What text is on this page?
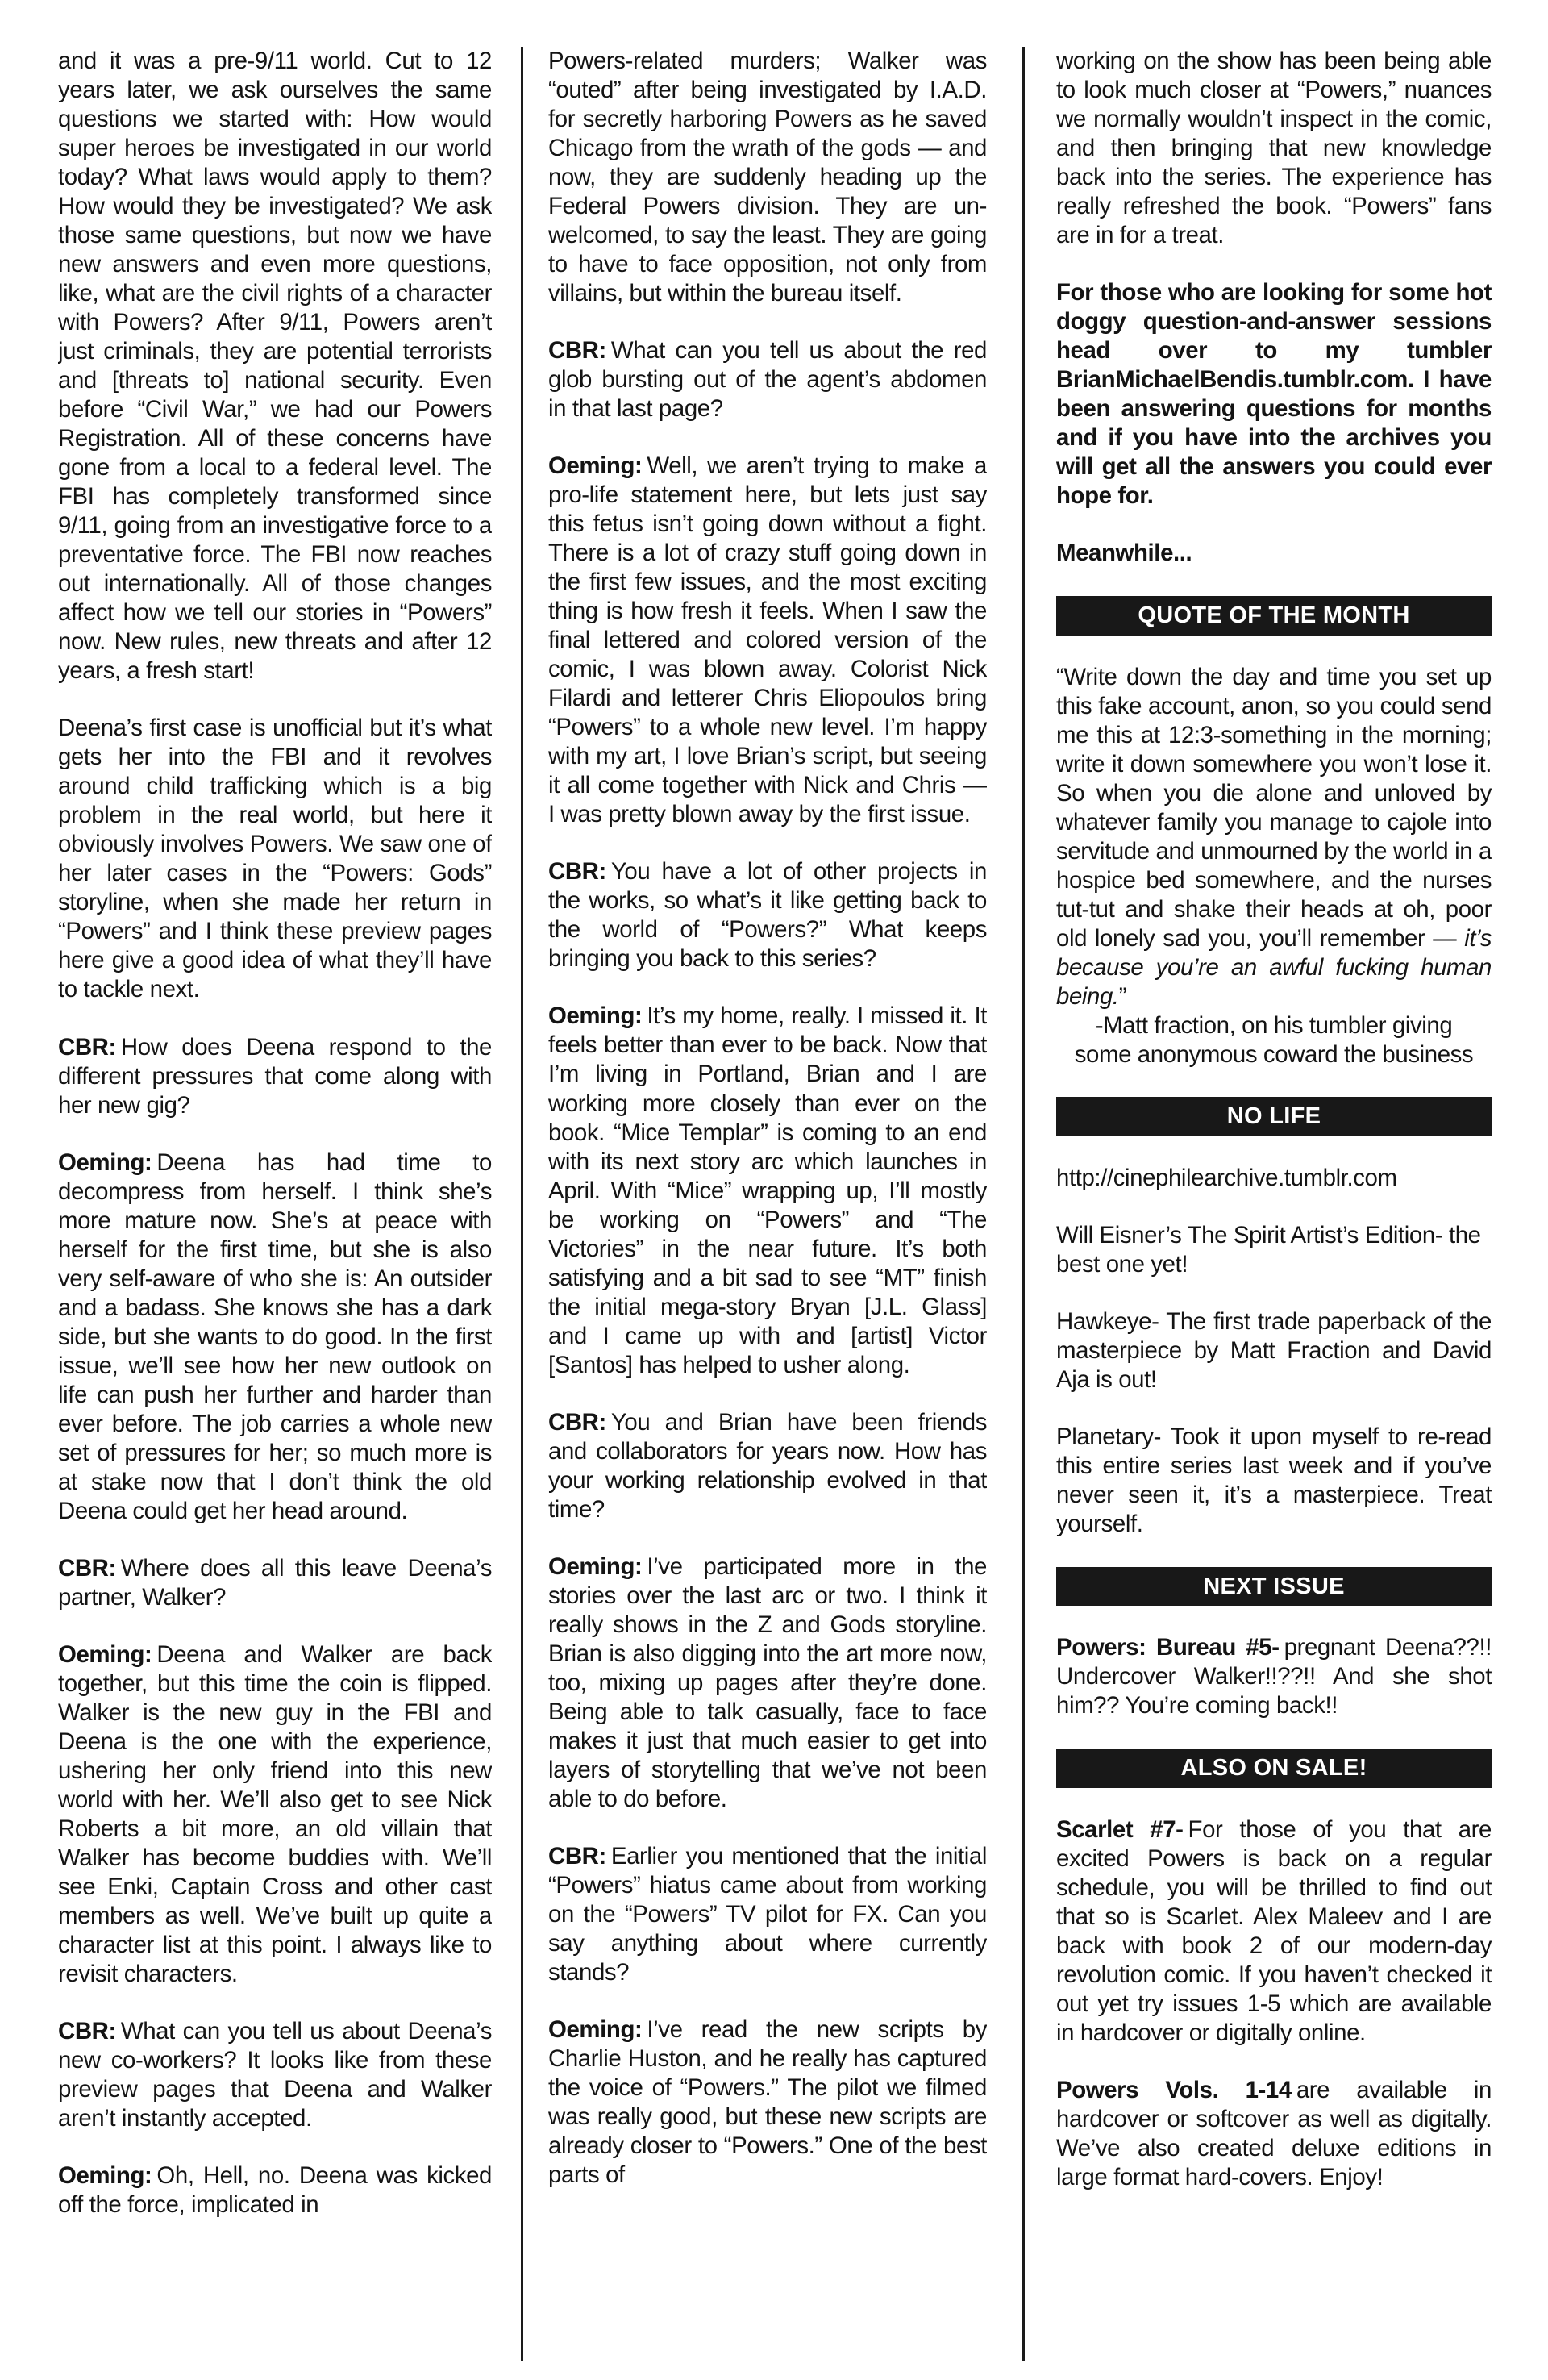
and it was a pre-9/11 world. Cut to 12 years later, we ask ourselves the same questions we started with: How would super heroes be investigated in our world today? What laws would apply to them? How would they be investigated? We ask those same questions, but now we have new answers and even more questions, like, what are the civil rights of a character with Powers? After 9/11, Powers aren’t just criminals, they are potential terrorists and [threats to] national security. Even before “Civil War,” we had our Powers Registration. All of these concerns have gone from a local to a federal level. The FBI has completely transformed since 9/11, going from an investigative force to a preventative force. The FBI now reaches out internationally. All of those changes affect how we tell our stories in “Powers” now. New rules, new threats and after 12 years, a fresh start!

Deena’s first case is unofficial but it’s what gets her into the FBI and it revolves around child trafficking which is a big problem in the real world, but here it obviously involves Powers. We saw one of her later cases in the “Powers: Gods” storyline, when she made her return in “Powers” and I think these preview pages here give a good idea of what they’ll have to tackle next.

CBR: How does Deena respond to the different pressures that come along with her new gig?

Oeming: Deena has had time to decompress from herself. I think she’s more mature now. She’s at peace with herself for the first time, but she is also very self-aware of who she is: An outsider and a badass. She knows she has a dark side, but she wants to do good. In the first issue, we’ll see how her new outlook on life can push her further and harder than ever before. The job carries a whole new set of pressures for her; so much more is at stake now that I don’t think the old Deena could get her head around.

CBR: Where does all this leave Deena’s partner, Walker?

Oeming: Deena and Walker are back together, but this time the coin is flipped. Walker is the new guy in the FBI and Deena is the one with the experience, ushering her only friend into this new world with her. We’ll also get to see Nick Roberts a bit more, an old villain that Walker has become buddies with. We’ll see Enki, Captain Cross and other cast members as well. We’ve built up quite a character list at this point. I always like to revisit characters.

CBR: What can you tell us about Deena’s new co-workers? It looks like from these preview pages that Deena and Walker aren’t instantly accepted.

Oeming: Oh, Hell, no. Deena was kicked off the force, implicated in

Powers-related murders; Walker was “outed” after being investigated by I.A.D. for secretly harboring Powers as he saved Chicago from the wrath of the gods — and now, they are suddenly heading up the Federal Powers division. They are un-welcomed, to say the least. They are going to have to face opposition, not only from villains, but within the bureau itself.

CBR: What can you tell us about the red glob bursting out of the agent’s abdomen in that last page?

Oeming: Well, we aren’t trying to make a pro-life statement here, but lets just say this fetus isn’t going down without a fight. There is a lot of crazy stuff going down in the first few issues, and the most exciting thing is how fresh it feels. When I saw the final lettered and colored version of the comic, I was blown away. Colorist Nick Filardi and letterer Chris Eliopoulos bring “Powers” to a whole new level. I’m happy with my art, I love Brian’s script, but seeing it all come together with Nick and Chris — I was pretty blown away by the first issue.

CBR: You have a lot of other projects in the works, so what’s it like getting back to the world of “Powers?” What keeps bringing you back to this series?

Oeming: It’s my home, really. I missed it. It feels better than ever to be back. Now that I’m living in Portland, Brian and I are working more closely than ever on the book. “Mice Templar” is coming to an end with its next story arc which launches in April. With “Mice” wrapping up, I’ll mostly be working on “Powers” and “The Victories” in the near future. It’s both satisfying and a bit sad to see “MT” finish the initial mega-story Bryan [J.L. Glass] and I came up with and [artist] Victor [Santos] has helped to usher along.

CBR: You and Brian have been friends and collaborators for years now. How has your working relationship evolved in that time?

Oeming: I’ve participated more in the stories over the last arc or two. I think it really shows in the Z and Gods storyline. Brian is also digging into the art more now, too, mixing up pages after they’re done. Being able to talk casually, face to face makes it just that much easier to get into layers of storytelling that we’ve not been able to do before.

CBR: Earlier you mentioned that the initial “Powers” hiatus came about from working on the “Powers” TV pilot for FX. Can you say anything about where currently stands?

Oeming: I’ve read the new scripts by Charlie Huston, and he really has captured the voice of “Powers.” The pilot we filmed was really good, but these new scripts are already closer to “Powers.” One of the best parts of

working on the show has been being able to look much closer at “Powers,” nuances we normally wouldn’t inspect in the comic, and then bringing that new knowledge back into the series. The experience has really refreshed the book. “Powers” fans are in for a treat.

For those who are looking for some hot doggy question-and-answer sessions head over to my tumbler BrianMichaelBendis.tumblr.com. I have been answering questions for months and if you have into the archives you will get all the answers you could ever hope for.

Meanwhile...

QUOTE OF THE MONTH

“Write down the day and time you set up this fake account, anon, so you could send me this at 12:3-something in the morning; write it down somewhere you won’t lose it. So when you die alone and unloved by whatever family you manage to cajole into servitude and unmourned by the world in a hospice bed somewhere, and the nurses tut-tut and shake their heads at oh, poor old lonely sad you, you’ll remember — it’s because you’re an awful fucking human being.”

-Matt fraction, on his tumbler giving
some anonymous coward the business
NO LIFE

http://cinephilearchive.tumblr.com

Will Eisner’s The Spirit Artist’s Edition- the best one yet!

Hawkeye- The first trade paperback of the masterpiece by Matt Fraction and David Aja is out!

Planetary- Took it upon myself to re-read this entire series last week and if you’ve never seen it, it’s a masterpiece. Treat yourself.

NEXT ISSUE

Powers: Bureau #5- pregnant Deena??!! Undercover Walker!!??!! And she shot him?? You’re coming back!!

ALSO ON SALE!

Scarlet #7- For those of you that are excited Powers is back on a regular schedule, you will be thrilled to find out that so is Scarlet. Alex Maleev and I are back with book 2 of our modern-day revolution comic. If you haven’t checked it out yet try issues 1-5 which are available in hardcover or digitally online.

Powers Vols. 1-14 are available in hardcover or softcover as well as digitally. We’ve also created deluxe editions in large format hard-covers. Enjoy!
